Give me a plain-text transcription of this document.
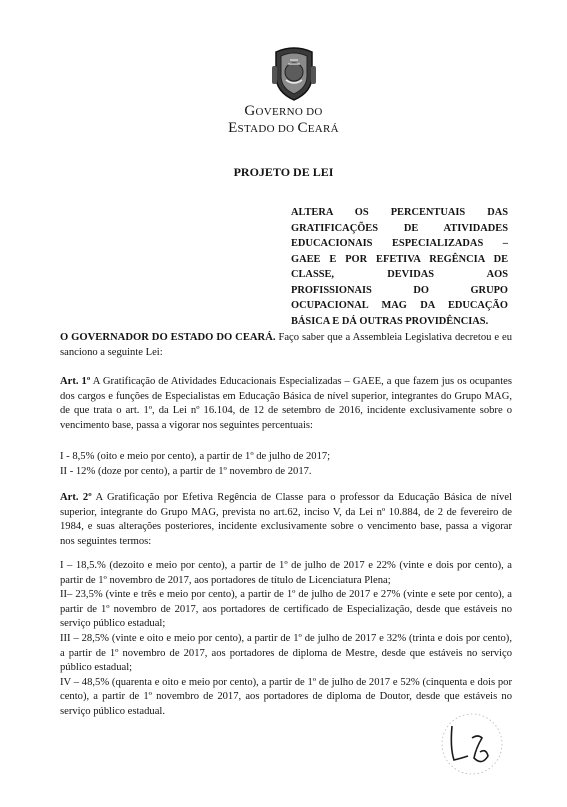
GOVERNO DO
ESTADO DO CEARÁ
PROJETO DE LEI
ALTERA OS PERCENTUAIS DAS
GRATIFICAÇÕES DE ATIVIDADES
EDUCACIONAIS ESPECIALIZADAS –
GAEE E POR EFETIVA REGÊNCIA DE
CLASSE, DEVIDAS AOS
PROFISSIONAIS DO GRUPO
OCUPACIONAL MAG DA EDUCAÇÃO
BÁSICA E DÁ OUTRAS PROVIDÊNCIAS.

O GOVERNADOR DO ESTADO DO CEARÁ. Faço saber que a Assembleia Legislativa decretou e eu sanciono a seguinte Lei:

Art. 1º A Gratificação de Atividades Educacionais Especializadas – GAEE, a que fazem jus os ocupantes dos cargos e funções de Especialistas em Educação Básica de nível superior, integrantes do Grupo MAG, de que trata o art. 1º, da Lei nº 16.104, de 12 de setembro de 2016, incidente exclusivamente sobre o vencimento base, passa a vigorar nos seguintes percentuais:

I - 8,5% (oito e meio por cento), a partir de 1º de julho de 2017;
II - 12% (doze por cento), a partir de 1º novembro de 2017.

Art. 2º A Gratificação por Efetiva Regência de Classe para o professor da Educação Básica de nível superior, integrante do Grupo MAG, prevista no art.62, inciso V, da Lei nº 10.884, de 2 de fevereiro de 1984, e suas alterações posteriores, incidente exclusivamente sobre o vencimento base, passa a vigorar nos seguintes termos:

I – 18,5.% (dezoito e meio por cento), a partir de 1º de julho de 2017 e 22% (vinte e dois por cento), a partir de 1º novembro de 2017, aos portadores de título de Licenciatura Plena;
II– 23,5% (vinte e três e meio por cento), a partir de 1º de julho de 2017 e 27% (vinte e sete por cento), a partir de 1º novembro de 2017, aos portadores de certificado de Especialização, desde que estáveis no serviço público estadual;
III – 28,5% (vinte e oito e meio por cento), a partir de 1º de julho de 2017 e 32% (trinta e dois por cento), a partir de 1º novembro de 2017, aos portadores de diploma de Mestre, desde que estáveis no serviço público estadual;
IV – 48,5% (quarenta e oito e meio por cento), a partir de 1º de julho de 2017 e 52% (cinquenta e dois por cento), a partir de 1º novembro de 2017, aos portadores de diploma de Doutor, desde que estáveis no serviço público estadual.
